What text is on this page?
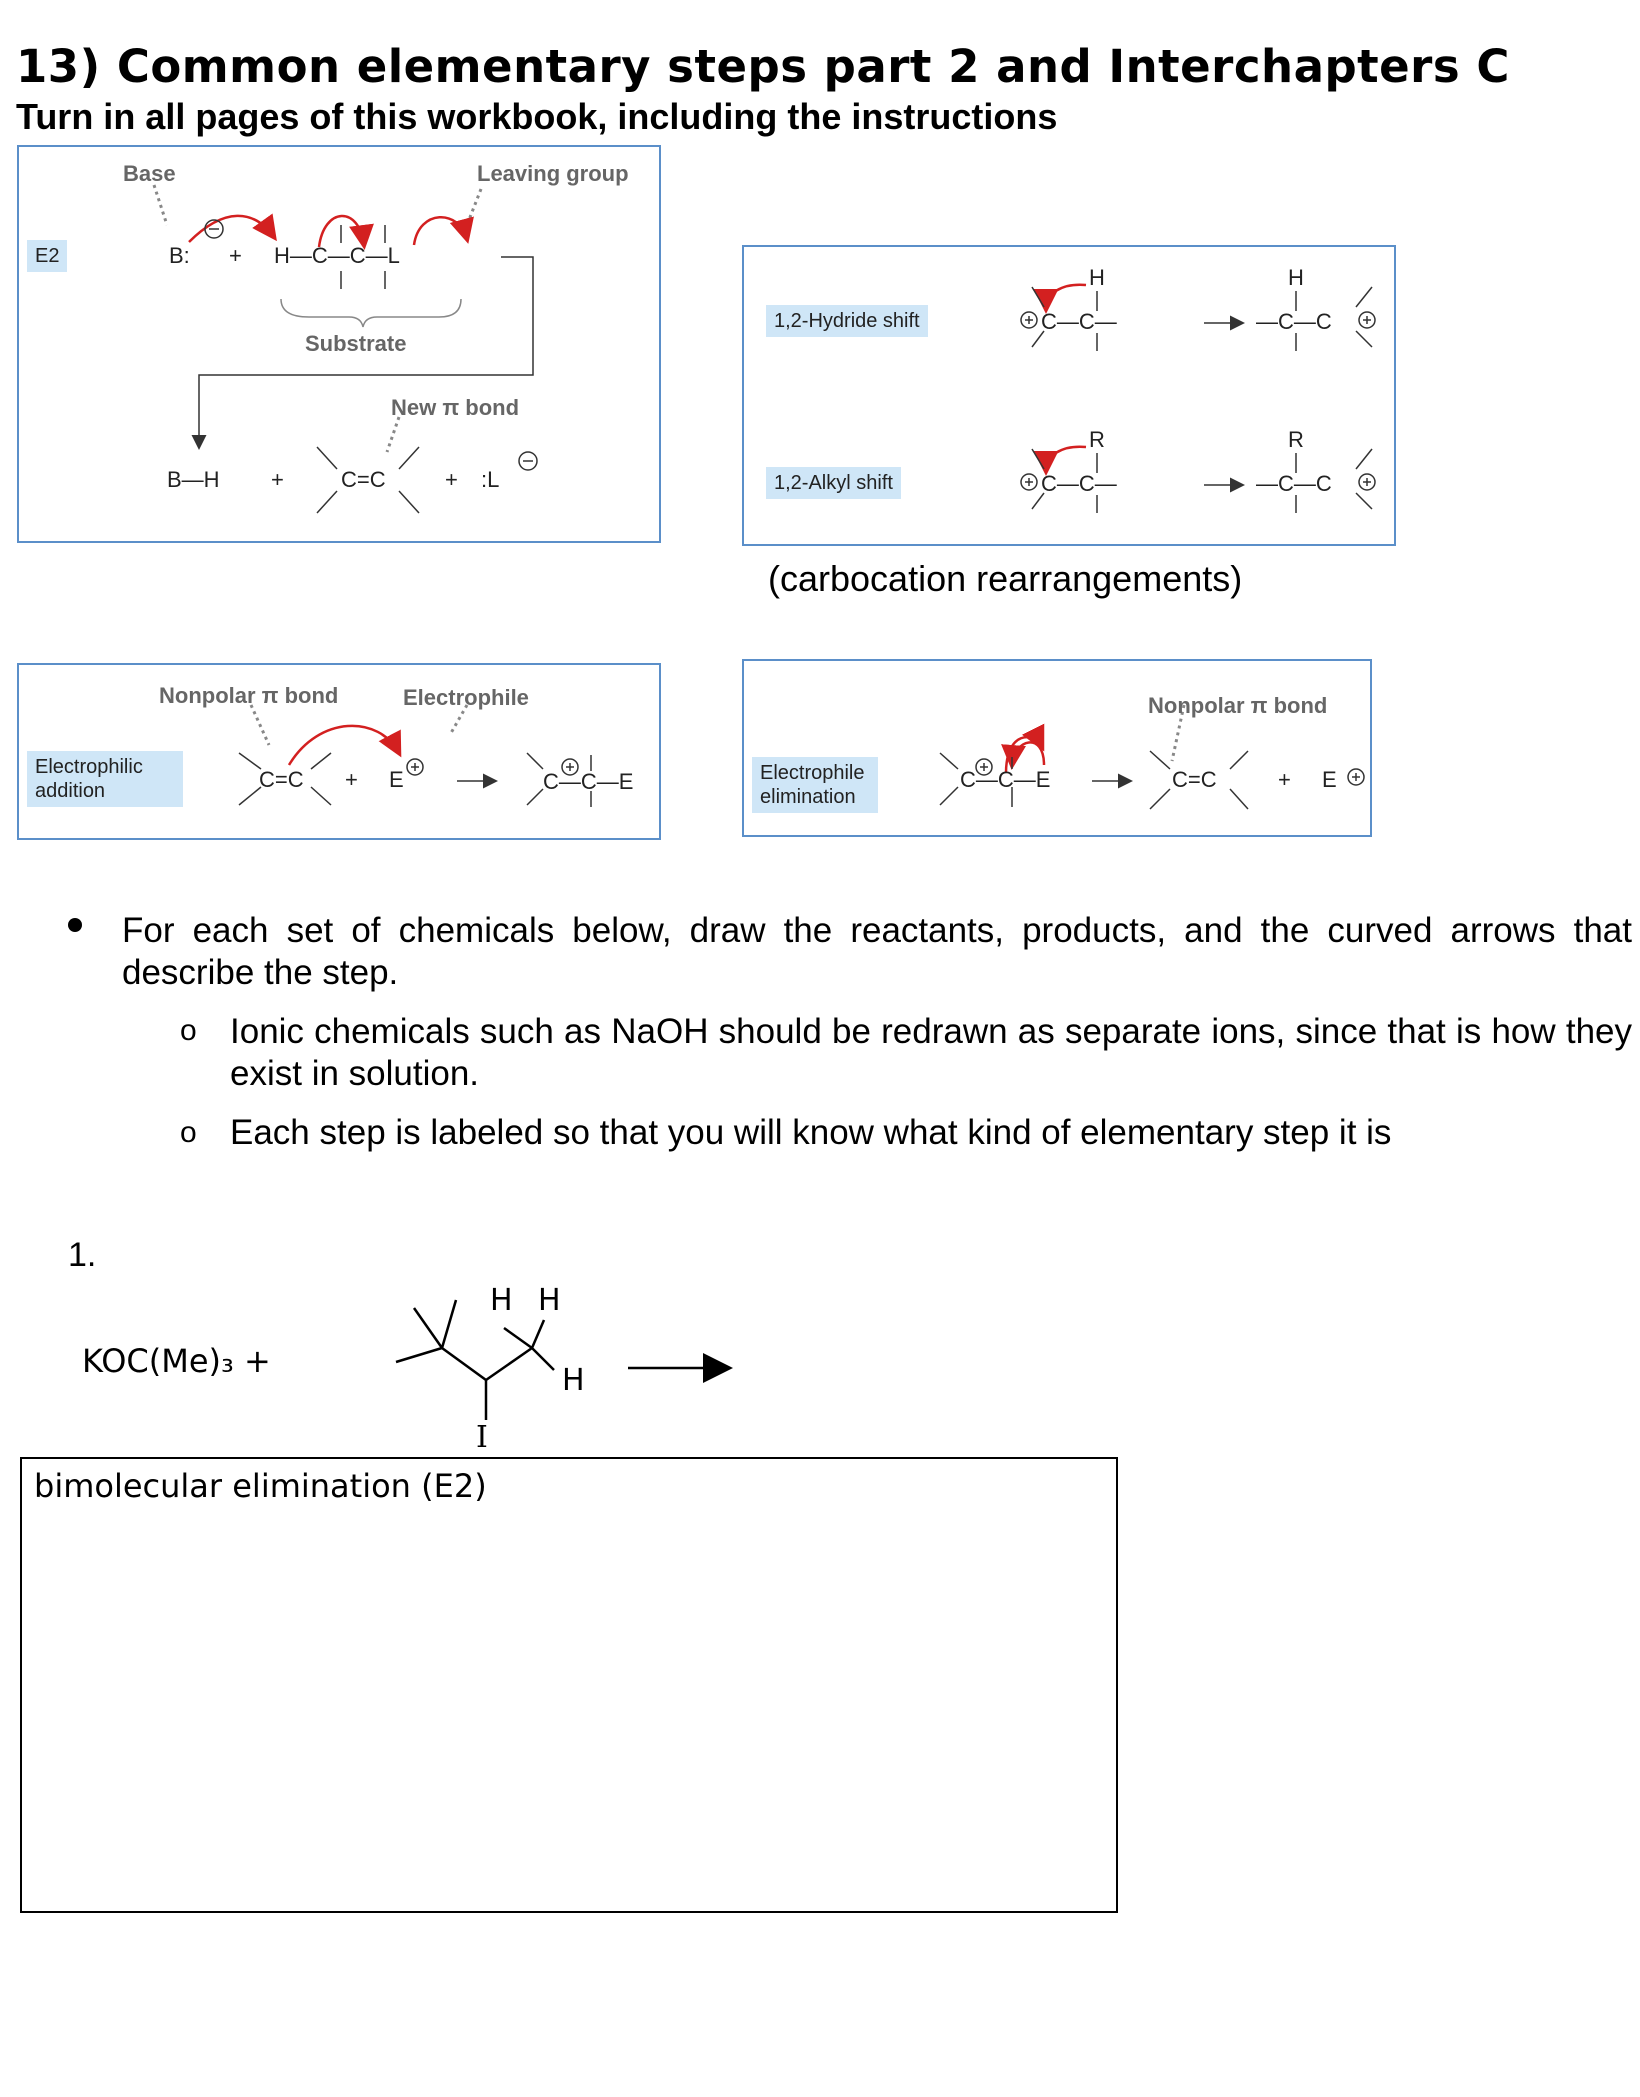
13) Common elementary steps part 2 and Interchapters C
Turn in all pages of this workbook, including the instructions
E2
Base	Leaving group
Substrate
New π bond
B: + H—C—C—L
B—H +	C=C	+ :L
1,2-Hydride shift
1,2-Alkyl shift
H	H
R	R
C—C—	—C—C
C—C—	—C—C
(carbocation rearrangements)
Electrophilic addition
Nonpolar π bond	Electrophile
C=C + E	C—C—E	Electrophile elimination
Nonpolar π bond
C—C—E	C=C	+ E
For each set of chemicals below, draw the reactants, products, and the curved arrows that describe the step.
o Ionic chemicals such as NaOH should be redrawn as separate ions, since that is how they exist in solution.
o Each step is labeled so that you will know what kind of elementary step it is
1.
KOC(Me)₃ +
H H
H
I
bimolecular elimination (E2)
